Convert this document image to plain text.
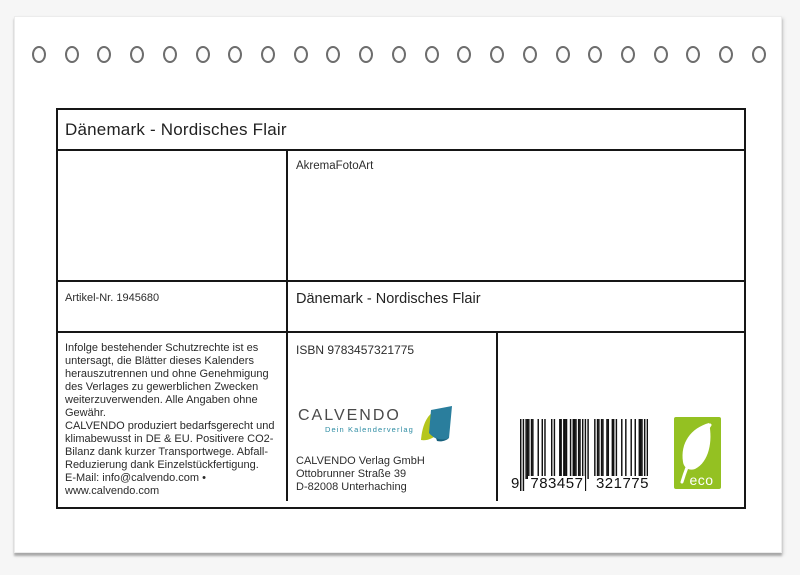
Dänemark - Nordisches Flair
AkremaFotoArt
Artikel-Nr. 1945680	Dänemark - Nordisches Flair
Infolge bestehender Schutzrechte ist es untersagt, die Blätter dieses Kalenders herauszutrennen und ohne Genehmigung des Verlages zu gewerblichen Zwecken weiterzuverwenden. Alle Angaben ohne Gewähr.
CALVENDO produziert bedarfsgerecht und klimabewusst in DE & EU. Positivere CO2-Bilanz dank kurzer Transportwege. Abfall-Reduzierung dank Einzelstückfertigung.
E-Mail: info@calvendo.com • www.calvendo.com
ISBN 9783457321775
CALVENDO
Dein Kalenderverlag
CALVENDO Verlag GmbH
Ottobrunner Straße 39
D-82008 Unterhaching	9 783457 321775	eco
